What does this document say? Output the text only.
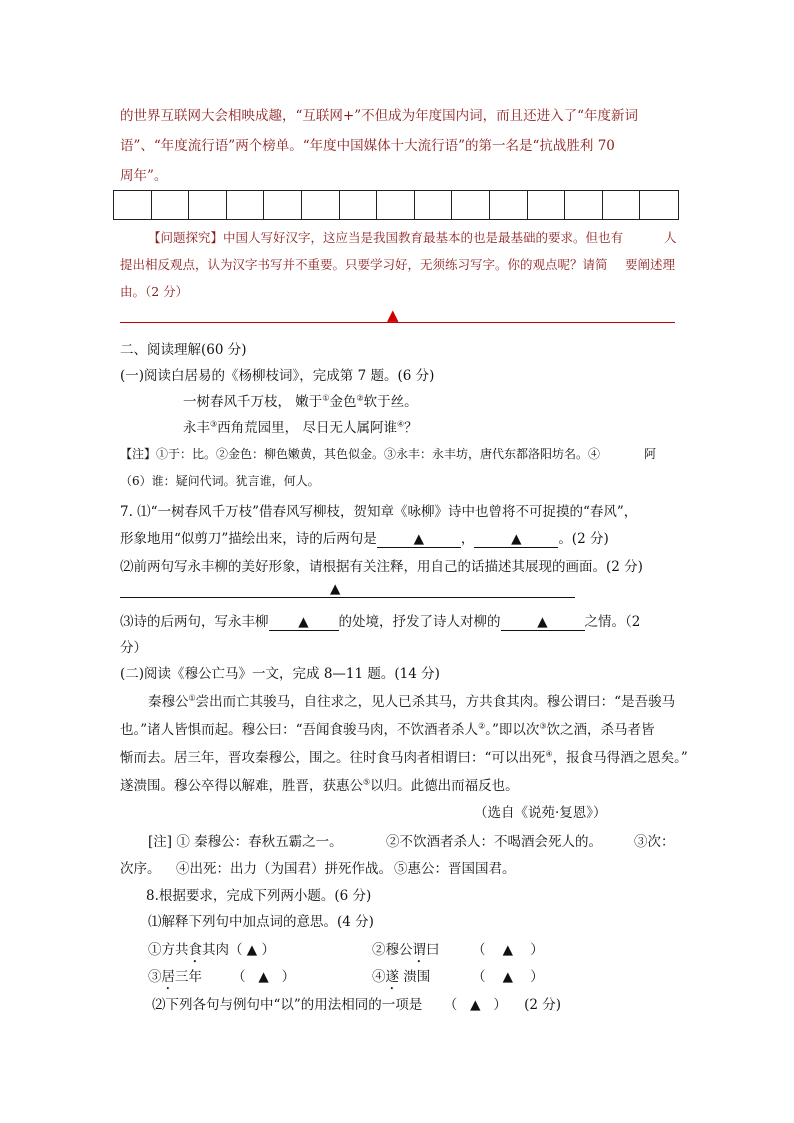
的世界互联网大会相映成趣，“互联网+”不但成为年度国内词，而且还进入了“年度新词
语”、“年度流行语”两个榜单。“年度中国媒体十大流行语”的第一名是“抗战胜利 70
周年”。
【问题探究】中国人写好汉字，这应当是我国教育最基本的也是最基础的要求。但也有	人
提出相反观点，认为汉字书写并不重要。只要学习好，无须练习写字。你的观点呢？请简 要阐述理
由。（2 分）
▲
二、阅读理解(60 分)
(一)阅读白居易的《杨柳枝词》，完成第 7 题。(6 分)
一树春风千万枝， 嫩于①金色②软于丝。
永丰③西角荒园里， 尽日无人属阿谁④？
【注】①于：比。②金色：柳色嫩黄，其色似金。③永丰：永丰坊，唐代东都洛阳坊名。④	阿
（6）谁：疑问代词。犹言谁，何人。
7. ⑴“一树春风千万枝”借春风写柳枝，贺知章《咏柳》诗中也曾将不可捉摸的“春风”，
形象地用“似剪刀”描绘出来，诗的后两句是	▲	，	▲	。(2 分)
⑵前两句写永丰柳的美好形象，请根据有关注释，用自己的话描述其展现的画面。(2 分)
▲
⑶诗的后两句，写永丰柳 ▲ 的处境，抒发了诗人对柳的	▲	之情。（2
分）
(二)阅读《穆公亡马》一文，完成 8—11 题。(14 分)
秦穆公①尝出而亡其骏马，自往求之，见人已杀其马，方共食其肉。穆公谓曰：“是吾骏马
也。”诸人皆惧而起。穆公曰：“吾闻食骏马肉，不饮酒者杀人②。”即以次③饮之酒，杀马者皆
惭而去。居三年，晋攻秦穆公，围之。往时食马肉者相谓曰：“可以出死④，报食马得酒之恩矣。”
遂溃围。穆公卒得以解难，胜晋，获惠公⑤以归。此德出而福反也。
（选自《说苑·复恩》）
[注] ① 秦穆公：春秋五霸之一。	②不饮酒者杀人：不喝酒会死人的。 ③次：
次序。 ④出死：出力（为国君）拼死作战。 ⑤惠公：晋国国君。
8.根据要求，完成下列两小题。(6 分)
⑴解释下列句中加点词的意思。(4 分)
①方共食其肉（ ▲ ）	②穆公谓曰 （ ▲ ）
③居三年 （ ▲ ）	④遂 溃围	（ ▲ ）
⑵下列各句与例句中“以”的用法相同的一项是 （ ▲ ） (2 分)
